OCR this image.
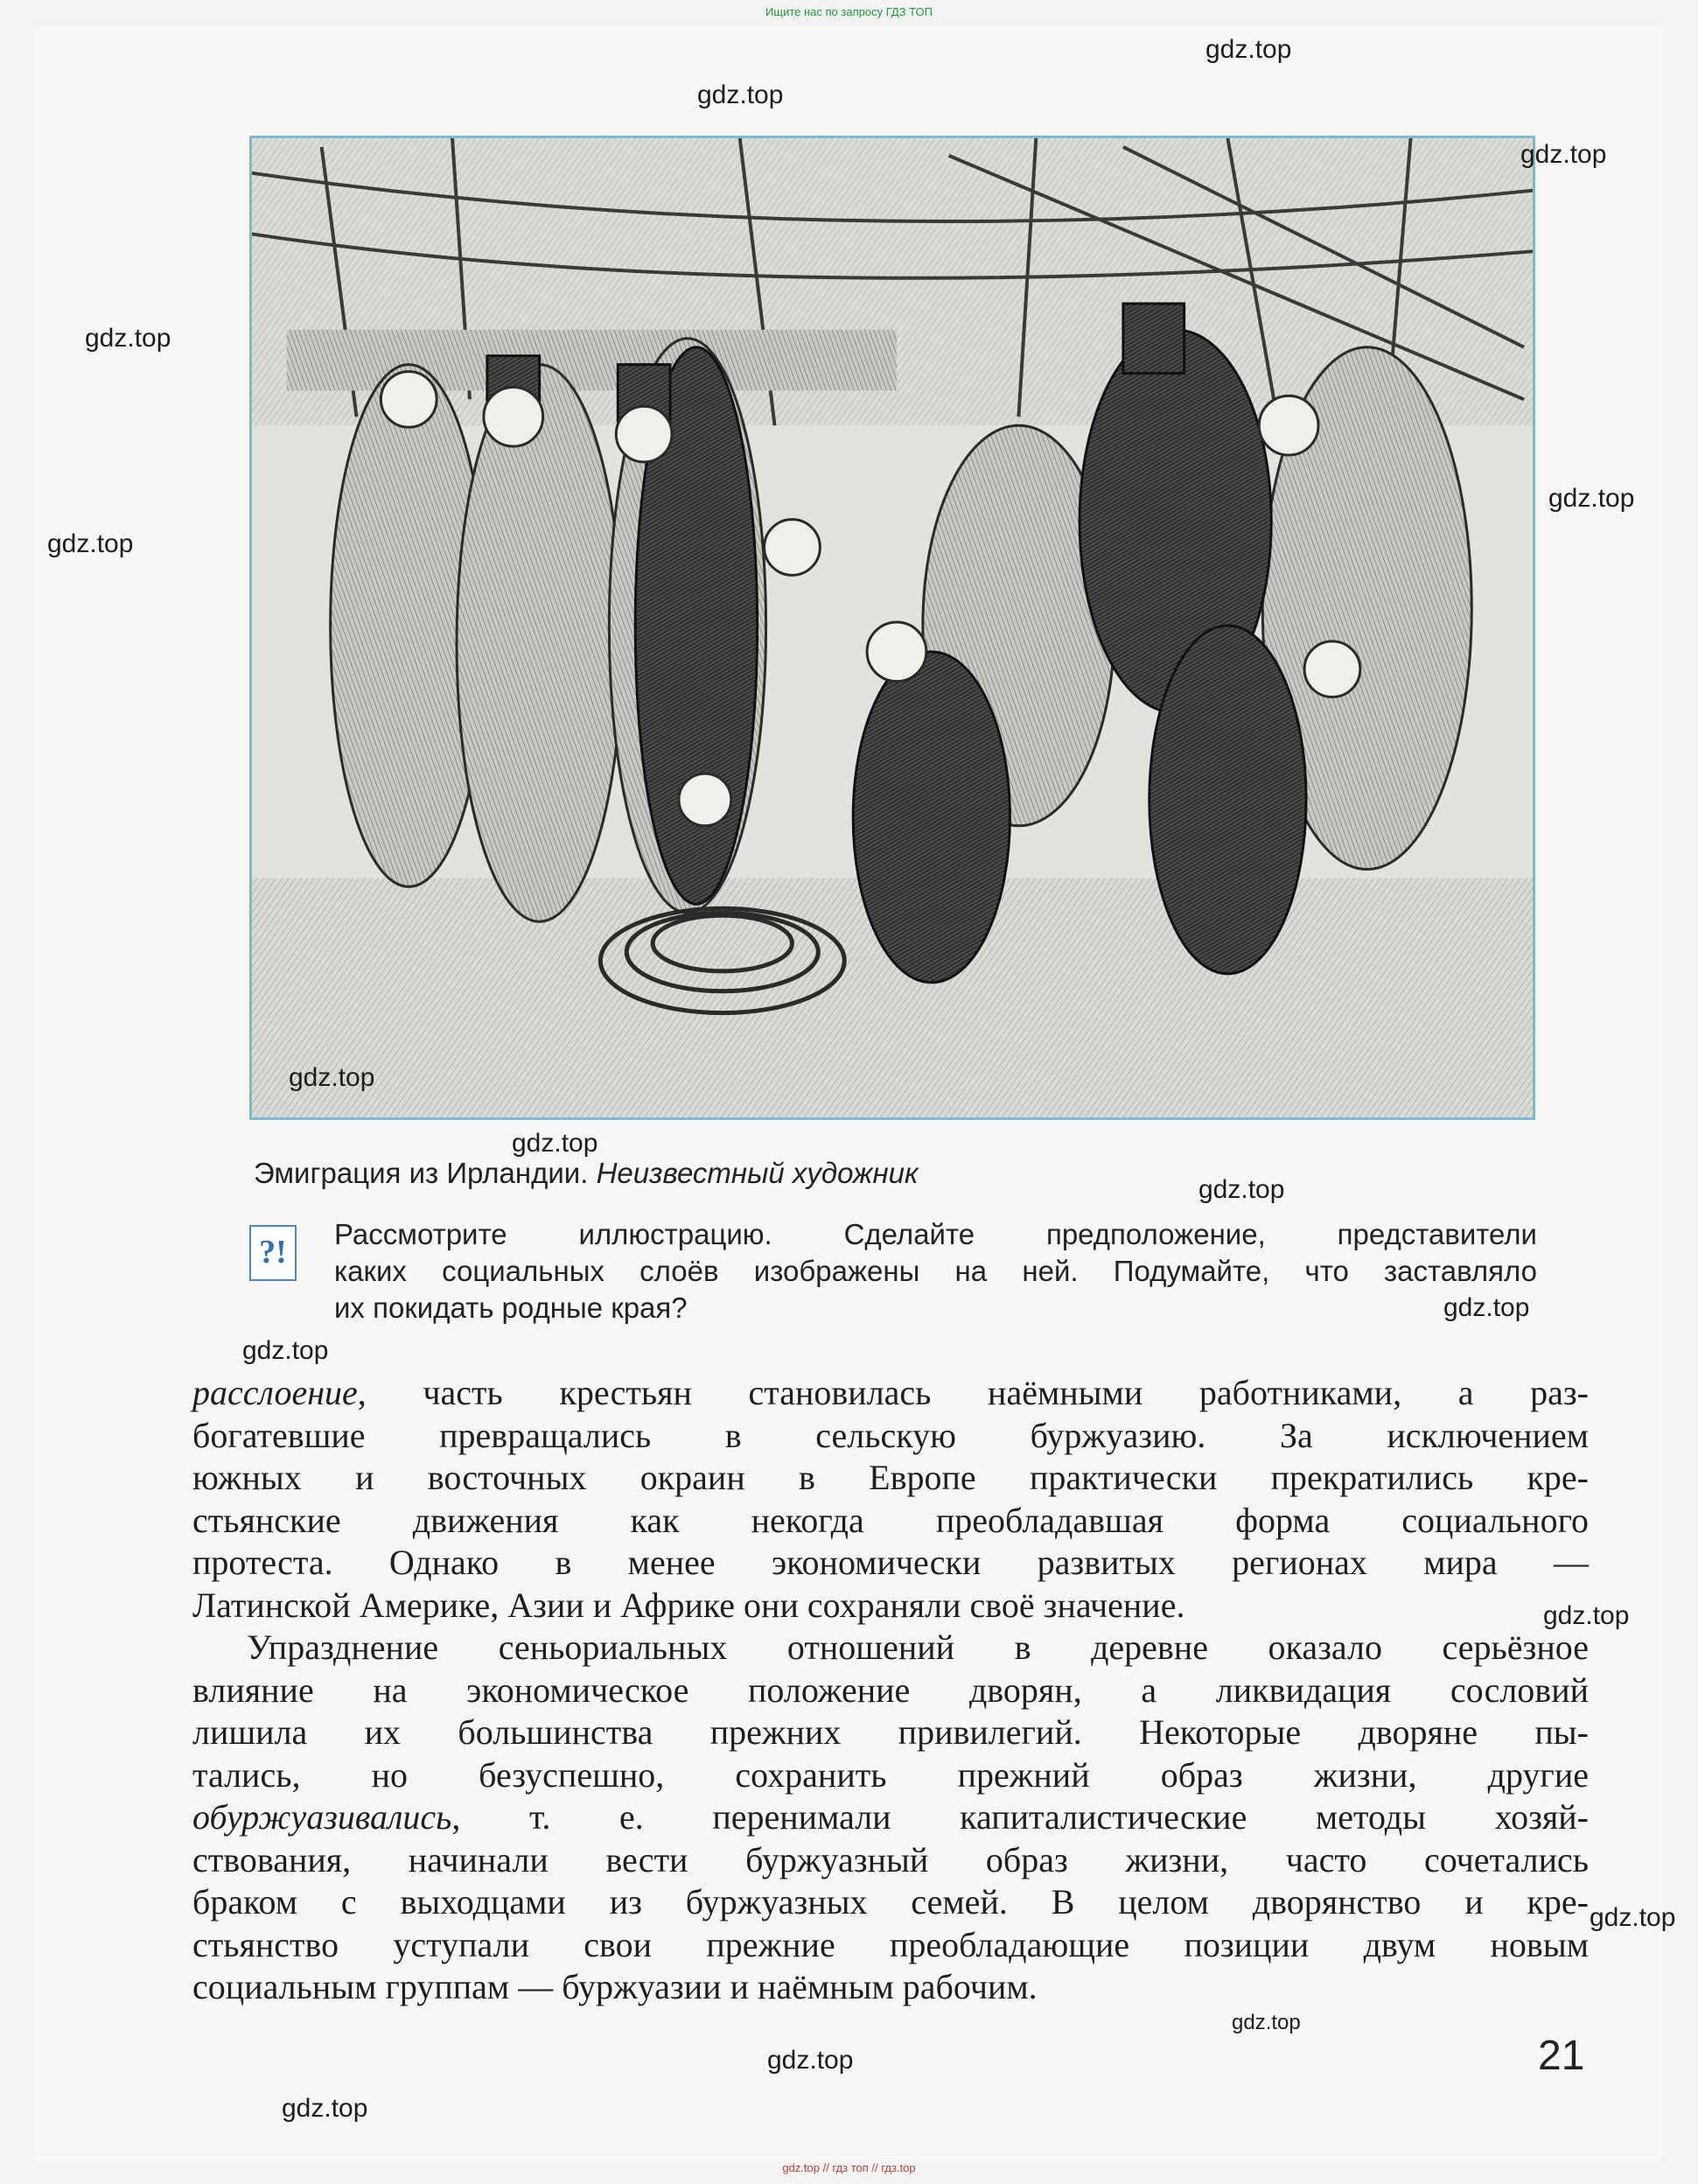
Ищите нас по запросу ГДЗ ТОП
Эмиграция из Ирландии. Неизвестный художник
?!	Рассмотрите иллюстрацию. Сделайте предположение, представители
каких социальных слоёв изображены на ней. Подумайте, что заставляло
их покидать родные края?
расслоение, часть крестьян становилась наёмными работниками, а раз-
богатевшие превращались в сельскую буржуазию. За исключением
южных и восточных окраин в Европе практически прекратились кре-
стьянские движения как некогда преобладавшая форма социального
протеста. Однако в менее экономически развитых регионах мира —
Латинской Америке, Азии и Африке они сохраняли своё значение.
Упразднение сеньориальных отношений в деревне оказало серьёзное
влияние на экономическое положение дворян, а ликвидация сословий
лишила их большинства прежних привилегий. Некоторые дворяне пы-
тались, но безуспешно, сохранить прежний образ жизни, другие
обуржуазивались, т. е. перенимали капиталистические методы хозяй-
ствования, начинали вести буржуазный образ жизни, часто сочетались
браком с выходцами из буржуазных семей. В целом дворянство и кре-
стьянство уступали свои прежние преобладающие позиции двум новым
социальным группам — буржуазии и наёмным рабочим.
21
gdz.top
gdz.top
gdz.top
gdz.top
gdz.top
gdz.top
gdz.top
gdz.top
gdz.top
gdz.top
gdz.top
gdz.top
gdz.top
gdz.top
gdz.top
gdz.top
gdz.top // гдз топ // гдз.top
